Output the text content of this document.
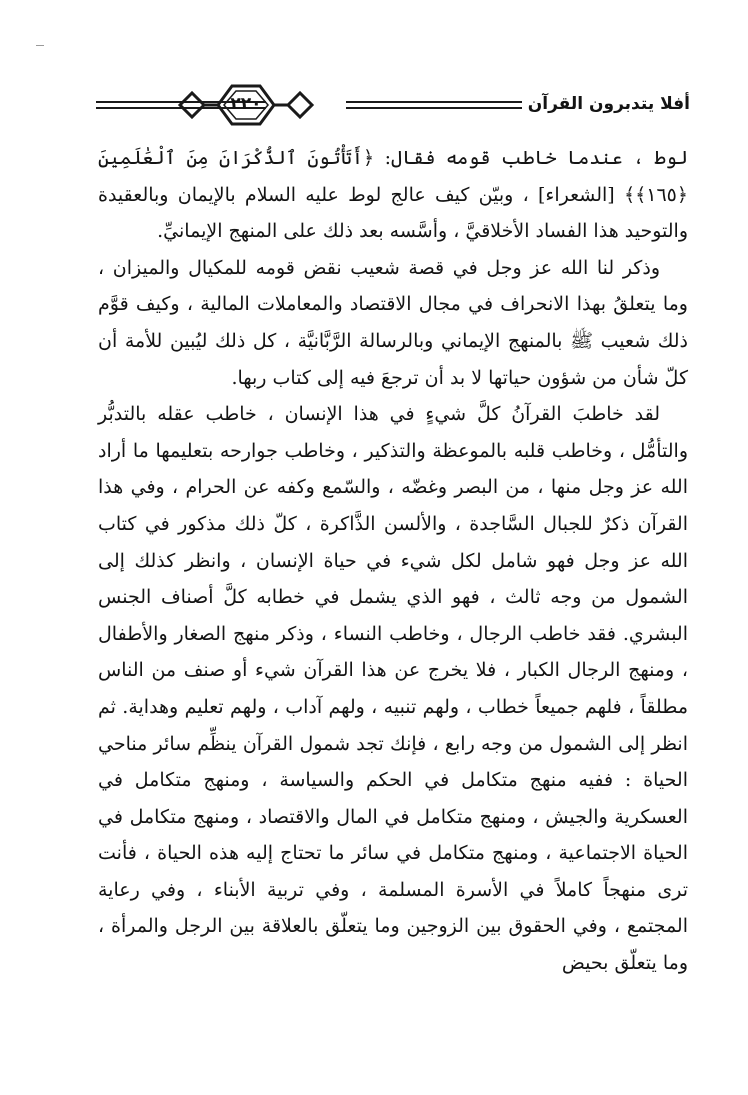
٢٢٠	أفلا يتدبرون القرآن

لوط ، عندما خاطب قومه فقال: ﴿أَتَأْتُونَ ٱلذُّكْرَانَ مِنَ ٱلْعَٰلَمِينَ ﴿١٦٥﴾﴾ [الشعراء] ، وبيّن كيف عالج لوط عليه السلام بالإيمان وبالعقيدة والتوحيد هذا الفساد الأخلاقيَّ ، وأسَّسه بعد ذلك على المنهج الإيمانيِّ.

وذكر لنا الله عز وجل في قصة شعيب نقض قومه للمكيال والميزان ، وما يتعلقُ بهذا الانحراف في مجال الاقتصاد والمعاملات المالية ، وكيف قوَّم ذلك شعيب ﷺ بالمنهج الإيماني وبالرسالة الرَّبَّانيَّة ، كل ذلك ليُبين للأمة أن كلّ شأن من شؤون حياتها لا بد أن ترجعَ فيه إلى كتاب ربها.

لقد خاطبَ القرآنُ كلَّ شيءٍ في هذا الإنسان ، خاطب عقله بالتدبُّر والتأمُّل ، وخاطب قلبه بالموعظة والتذكير ، وخاطب جوارحه بتعليمها ما أراد الله عز وجل منها ، من البصر وغضّه ، والسّمع وكفه عن الحرام ، وفي هذا القرآن ذكرٌ للجبال السَّاجدة ، والألسن الذَّاكرة ، كلّ ذلك مذكور في كتاب الله عز وجل فهو شامل لكل شيء في حياة الإنسان ، وانظر كذلك إلى الشمول من وجه ثالث ، فهو الذي يشمل في خطابه كلَّ أصناف الجنس البشري. فقد خاطب الرجال ، وخاطب النساء ، وذكر منهج الصغار والأطفال ، ومنهج الرجال الكبار ، فلا يخرج عن هذا القرآن شيء أو صنف من الناس مطلقاً ، فلهم جميعاً خطاب ، ولهم تنبيه ، ولهم آداب ، ولهم تعليم وهداية. ثم انظر إلى الشمول من وجه رابع ، فإنك تجد شمول القرآن ينظِّم سائر مناحي الحياة : ففيه منهج متكامل في الحكم والسياسة ، ومنهج متكامل في العسكرية والجيش ، ومنهج متكامل في المال والاقتصاد ، ومنهج متكامل في الحياة الاجتماعية ، ومنهج متكامل في سائر ما تحتاج إليه هذه الحياة ، فأنت ترى منهجاً كاملاً في الأسرة المسلمة ، وفي تربية الأبناء ، وفي رعاية المجتمع ، وفي الحقوق بين الزوجين وما يتعلّق بالعلاقة بين الرجل والمرأة ، وما يتعلّق بحيض
